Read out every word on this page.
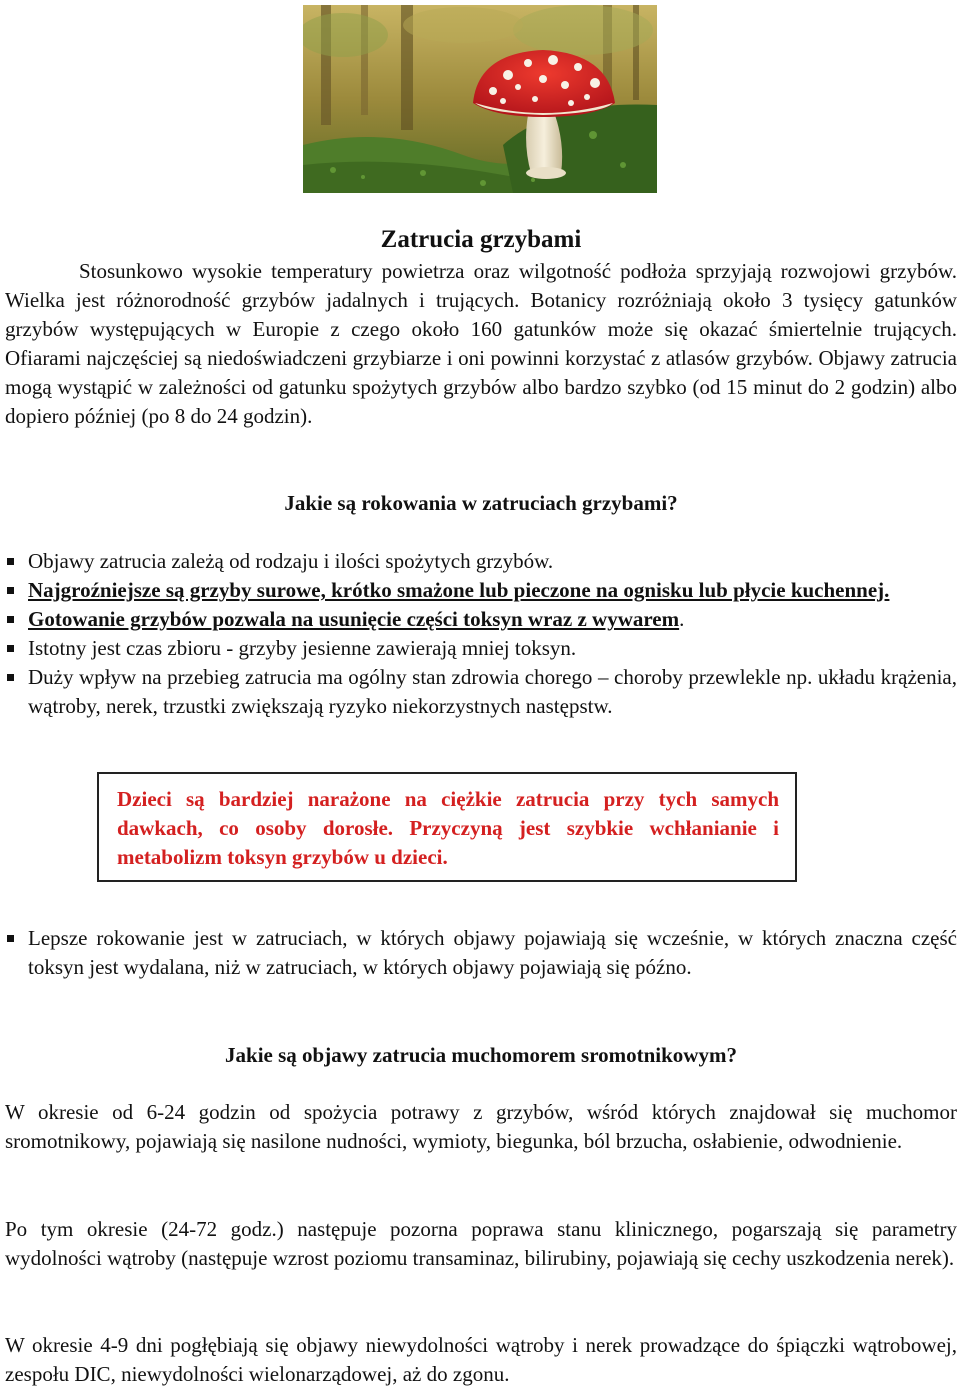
Zatrucia grzybami

Stosunkowo wysokie temperatury powietrza oraz wilgotność podłoża sprzyjają rozwojowi grzybów. Wielka jest różnorodność grzybów jadalnych i trujących. Botanicy rozróżniają około 3 tysięcy gatunków grzybów występujących w Europie z czego około 160 gatunków może się okazać śmiertelnie trujących. Ofiarami najczęściej są niedoświadczeni grzybiarze i oni powinni korzystać z atlasów grzybów. Objawy zatrucia mogą wystąpić w zależności od gatunku spożytych grzybów albo bardzo szybko (od 15 minut do 2 godzin) albo dopiero później (po 8 do 24 godzin).

Jakie są rokowania w zatruciach grzybami?

Objawy zatrucia zależą od rodzaju i ilości spożytych grzybów.
Najgroźniejsze są grzyby surowe, krótko smażone lub pieczone na ognisku lub płycie kuchennej.
Gotowanie grzybów pozwala na usunięcie części toksyn wraz z wywarem.
Istotny jest czas zbioru - grzyby jesienne zawierają mniej toksyn.
Duży wpływ na przebieg zatrucia ma ogólny stan zdrowia chorego – choroby przewlekle np. układu krążenia, wątroby, nerek, trzustki zwiększają ryzyko niekorzystnych następstw.
Dzieci są bardziej narażone na ciężkie zatrucia przy tych samych dawkach, co osoby dorosłe. Przyczyną jest szybkie wchłanianie i metabolizm toksyn grzybów u dzieci.
Lepsze rokowanie jest w zatruciach, w których objawy pojawiają się wcześnie, w których znaczna część toksyn jest wydalana, niż w zatruciach, w których objawy pojawiają się późno.

Jakie są objawy zatrucia muchomorem sromotnikowym?

W okresie od 6-24 godzin od spożycia potrawy z grzybów, wśród których znajdował się muchomor sromotnikowy, pojawiają się nasilone nudności, wymioty, biegunka, ból brzucha, osłabienie, odwodnienie.

Po tym okresie (24-72 godz.) następuje pozorna poprawa stanu klinicznego, pogarszają się parametry wydolności wątroby (następuje wzrost poziomu transaminaz, bilirubiny, pojawiają się cechy uszkodzenia nerek).

W okresie 4-9 dni pogłębiają się objawy niewydolności wątroby i nerek prowadzące do śpiączki wątrobowej, zespołu DIC, niewydolności wielonarządowej, aż do zgonu.
